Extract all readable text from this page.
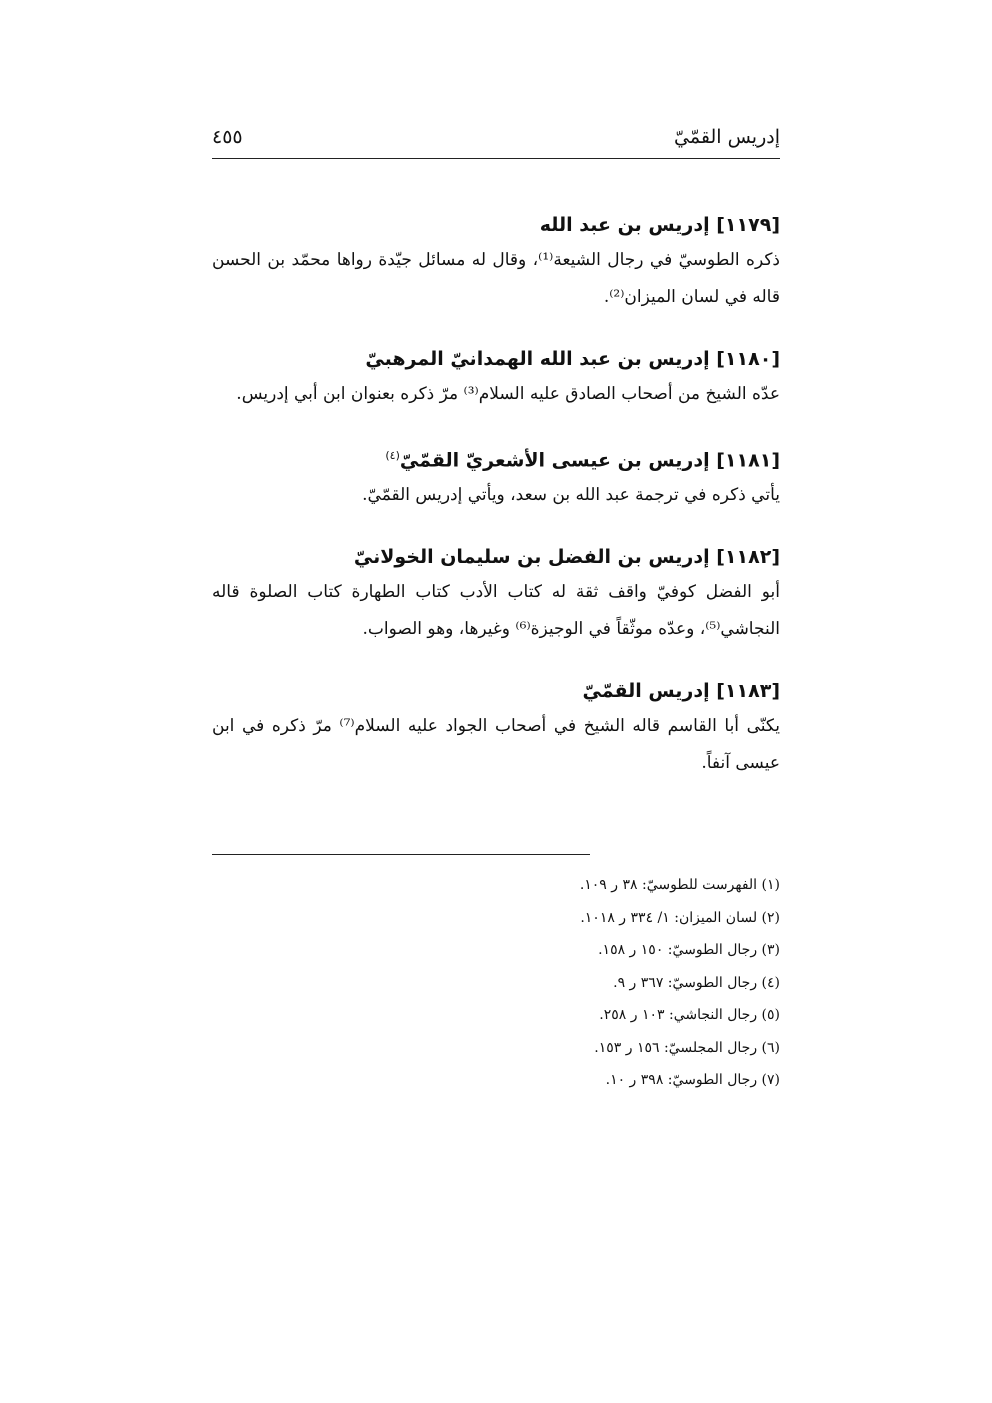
إدريس القمّيّ
٤٥٥
[١١٧٩] إدريس بن عبد الله

ذكره الطوسيّ في رجال الشيعة⁽¹⁾، وقال له مسائل جيّدة رواها محمّد بن الحسن
قاله في لسان الميزان⁽²⁾.

[١١٨٠] إدريس بن عبد الله الهمدانيّ المرهبيّ

عدّه الشيخ من أصحاب الصادق عليه السلام⁽³⁾ مرّ ذكره بعنوان ابن أبي إدريس.

[١١٨١] إدريس بن عيسى الأشعريّ القمّيّ$^{(٤)}$

يأتي ذكره في ترجمة عبد الله بن سعد، ويأتي إدريس القمّيّ.

[١١٨٢] إدريس بن الفضل بن سليمان الخولانيّ

أبو الفضل كوفيّ واقف ثقة له كتاب الأدب كتاب الطهارة كتاب الصلوة قاله
النجاشي⁽⁵⁾، وعدّه موثّقاً في الوجيزة⁽⁶⁾ وغيرها، وهو الصواب.

[١١٨٣] إدريس القمّيّ

يكنّى أبا القاسم قاله الشيخ في أصحاب الجواد عليه السلام⁽⁷⁾ مرّ ذكره في ابن
عيسى آنفاً.

(١) الفهرست للطوسيّ: ٣٨ ر ١٠٩.
(٢) لسان الميزان: ١/ ٣٣٤ ر ١٠١٨.
(٣) رجال الطوسيّ: ١٥٠ ر ١٥٨.
(٤) رجال الطوسيّ: ٣٦٧ ر ٩.
(٥) رجال النجاشي: ١٠٣ ر ٢٥٨.
(٦) رجال المجلسيّ: ١٥٦ ر ١٥٣.
(٧) رجال الطوسيّ: ٣٩٨ ر ١٠.
